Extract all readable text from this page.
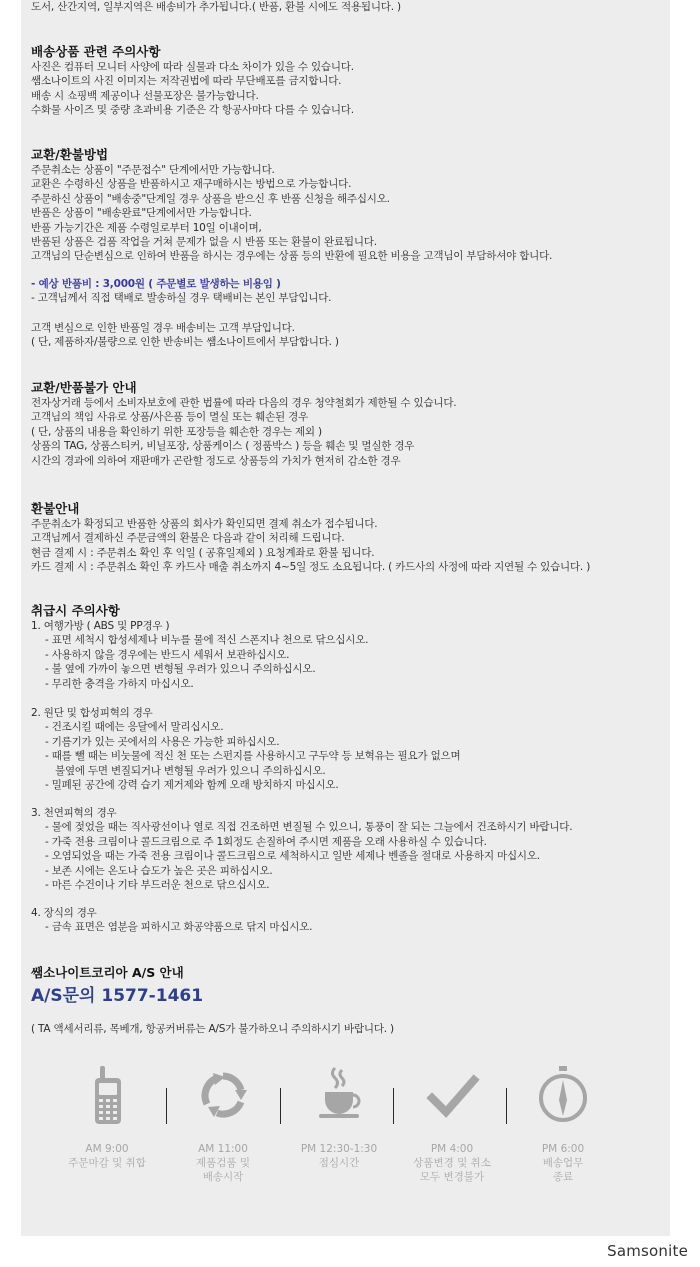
도서, 산간지역, 일부지역은 배송비가 추가됩니다.( 반품, 환불 시에도 적용됩니다. )
배송상품 관련 주의사항
사진은 컴퓨터 모니터 사양에 따라 실물과 다소 차이가 있을 수 있습니다.
쌤소나이트의 사진 이미지는 저작권법에 따라 무단배포를 금지합니다.
배송 시 쇼핑백 제공이나 선물포장은 불가능합니다.
수화물 사이즈 및 중량 초과비용 기준은 각 항공사마다 다를 수 있습니다.
교환/환불방법
주문취소는 상품이 "주문접수" 단계에서만 가능합니다.
교환은 수령하신 상품을 반품하시고 재구매하시는 방법으로 가능합니다.
주문하신 상품이 "배송중"단계일 경우 상품을 받으신 후 반품 신청을 해주십시오.
반품은 상품이 "배송완료"단계에서만 가능합니다.
반품 가능기간은 제품 수령일로부터 10일 이내이며,
반품된 상품은 검품 작업을 거쳐 문제가 없을 시 반품 또는 환불이 완료됩니다.
고객님의 단순변심으로 인하여 반품을 하시는 경우에는 상품 등의 반환에 필요한 비용을 고객님이 부담하셔야 합니다.
- 예상 반품비 : 3,000원 ( 주문별로 발생하는 비용임 )
- 고객님께서 직접 택배로 발송하실 경우 택배비는 본인 부담입니다.
고객 변심으로 인한 반품일 경우 배송비는 고객 부담입니다.
( 단, 제품하자/불량으로 인한 반송비는 쌤소나이트에서 부담합니다. )
교환/반품불가 안내
전자상거래 등에서 소비자보호에 관한 법률에 따라 다음의 경우 청약철회가 제한될 수 있습니다.
고객님의 책임 사유로 상품/사은품 등이 멸실 또는 훼손된 경우
( 단, 상품의 내용을 확인하기 위한 포장등을 훼손한 경우는 제외 )
상품의 TAG, 상품스티커, 비닐포장, 상품케이스 ( 정품박스 ) 등을 훼손 및 멸실한 경우
시간의 경과에 의하여 재판매가 곤란할 정도로 상품등의 가치가 현저히 감소한 경우
환불안내
주문취소가 확정되고 반품한 상품의 회사가 확인되면 결제 취소가 접수됩니다.
고객님께서 결제하신 주문금액의 환불은 다음과 같이 처리해 드립니다.
현금 결제 시 : 주문취소 확인 후 익일 ( 공휴일제외 ) 요청계좌로 환불 됩니다.
카드 결제 시 : 주문취소 확인 후 카드사 매출 취소까지 4~5일 정도 소요됩니다. ( 카드사의 사정에 따라 지연될 수 있습니다. )
취급시 주의사항
1. 여행가방 ( ABS 및 PP경우 )
- 표면 세척시 합성세제나 비누를 물에 적신 스폰지나 천으로 닦으십시오.
- 사용하지 않을 경우에는 반드시 세워서 보관하십시오.
- 불 옆에 가까이 놓으면 변형될 우려가 있으니 주의하십시오.
- 무리한 충격을 가하지 마십시오.
2. 원단 및 합성피혁의 경우
- 건조시킬 때에는 응달에서 말리십시오.
- 기름기가 있는 곳에서의 사용은 가능한 피하십시오.
- 때를 뺄 때는 비눗물에 적신 천 또는 스펀지를 사용하시고 구두약 등 보혁유는 필요가 없으며
불옆에 두면 변질되거나 변형될 우려가 있으니 주의하십시오.
- 밀폐된 공간에 강력 습기 제거제와 함께 오래 방치하지 마십시오.
3. 천연피혁의 경우
- 물에 젖었을 때는 직사광선이나 열로 직접 건조하면 변질될 수 있으니, 통풍이 잘 되는 그늘에서 건조하시기 바랍니다.
- 가죽 전용 크림이나 콜드크림으로 주 1회정도 손질하여 주시면 제품을 오래 사용하실 수 있습니다.
- 오염되었을 때는 가죽 전용 크림이나 콜드크림으로 세척하시고 일반 세제나 벤졸을 절대로 사용하지 마십시오.
- 보존 시에는 온도나 습도가 높은 곳은 피하십시오.
- 마른 수건이나 기타 부드러운 천으로 닦으십시오.
4. 장식의 경우
- 금속 표면은 염분을 피하시고 화공약품으로 닦지 마십시오.
쌤소나이트코리아 A/S 안내
A/S문의 1577-1461
( TA 액세서리류, 목베개, 항공커버류는 A/S가 불가하오니 주의하시기 바랍니다. )
AM 9:00
주문마감 및 취합
AM 11:00
제품검품 및
배송시작
PM 12:30-1:30
점심시간
PM 4:00
상품변경 및 취소
모두 변경불가
PM 6:00
배송업무
종료
Samsonite
